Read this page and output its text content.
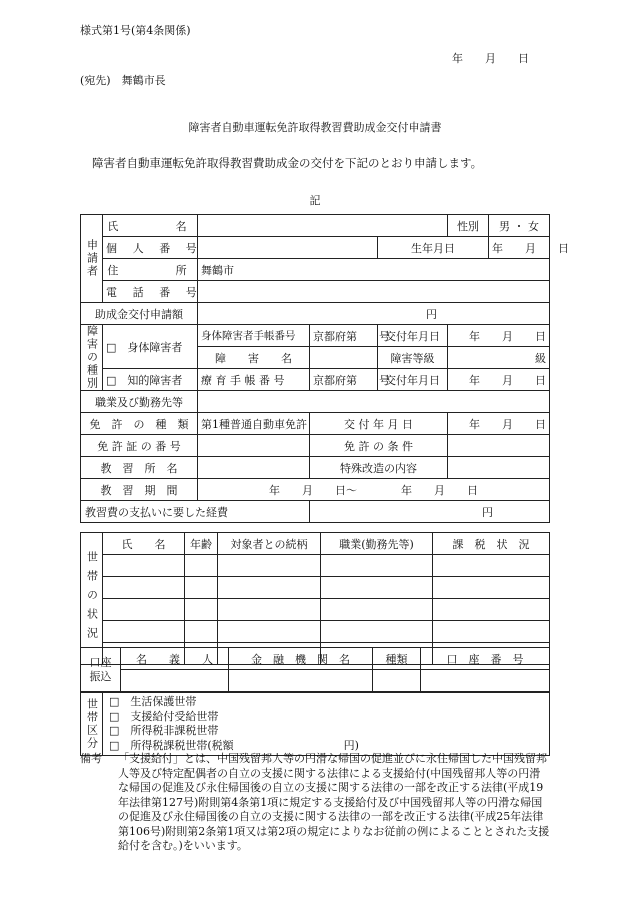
様式第1号(第4条関係)
年　　月　　日
(宛先)　舞鶴市長
障害者自動車運転免許取得教習費助成金交付申請書
障害者自動車運転免許取得教習費助成金の交付を下記のとおり申請します。
記
申請者	氏　　　名				性別	男 ・ 女
	個 人 番 号			生年月日		年　　月　　日
	住　　　所	舞鶴市				
	電 話 番 号					
助成金交付申請額		円				
障害の種別	□　身体障害者	身体障害者手帳番号	京都府第　　号	交付年月日	年　　月　　日	
		障　　害　　名		障害等級	級	
	□　知的障害者	療 育 手 帳 番 号	京都府第　　号	交付年月日	年　　月　　日	
職業及び勤務先等						
免　許　の　種　類		第1種普通自動車免許	交 付 年 月 日		年　　月　　日	
免 許 証 の 番 号			免 許 の 条 件			
教　習　所　名			特殊改造の内容			
教　習　期　間		年　　月　　日〜　　　　年　　月　　日				
教習費の支払いに要した経費			円			
世帯の状況	氏　　名	年齢	対象者との続柄	職業(勤務先等)	課　税　状　況

口座振込	名　　義　　人	金　融　機　関　名	種類	口　座　番　号

世帯区分	□　生活保護世帯
□　支援給付受給世帯
□　所得税非課税世帯
□　所得税課税世帯(税額　　　　　　　　　　円)
備考 「支援給付」とは、中国残留邦人等の円滑な帰国の促進並びに永住帰国した中国残留邦人等及び特定配偶者の自立の支援に関する法律による支援給付(中国残留邦人等の円滑な帰国の促進及び永住帰国後の自立の支援に関する法律の一部を改正する法律(平成19年法律第127号)附則第4条第1項に規定する支援給付及び中国残留邦人等の円滑な帰国の促進及び永住帰国後の自立の支援に関する法律の一部を改正する法律(平成25年法律第106号)附則第2条第1項又は第2項の規定によりなお従前の例によることとされた支援給付を含む。)をいいます。
